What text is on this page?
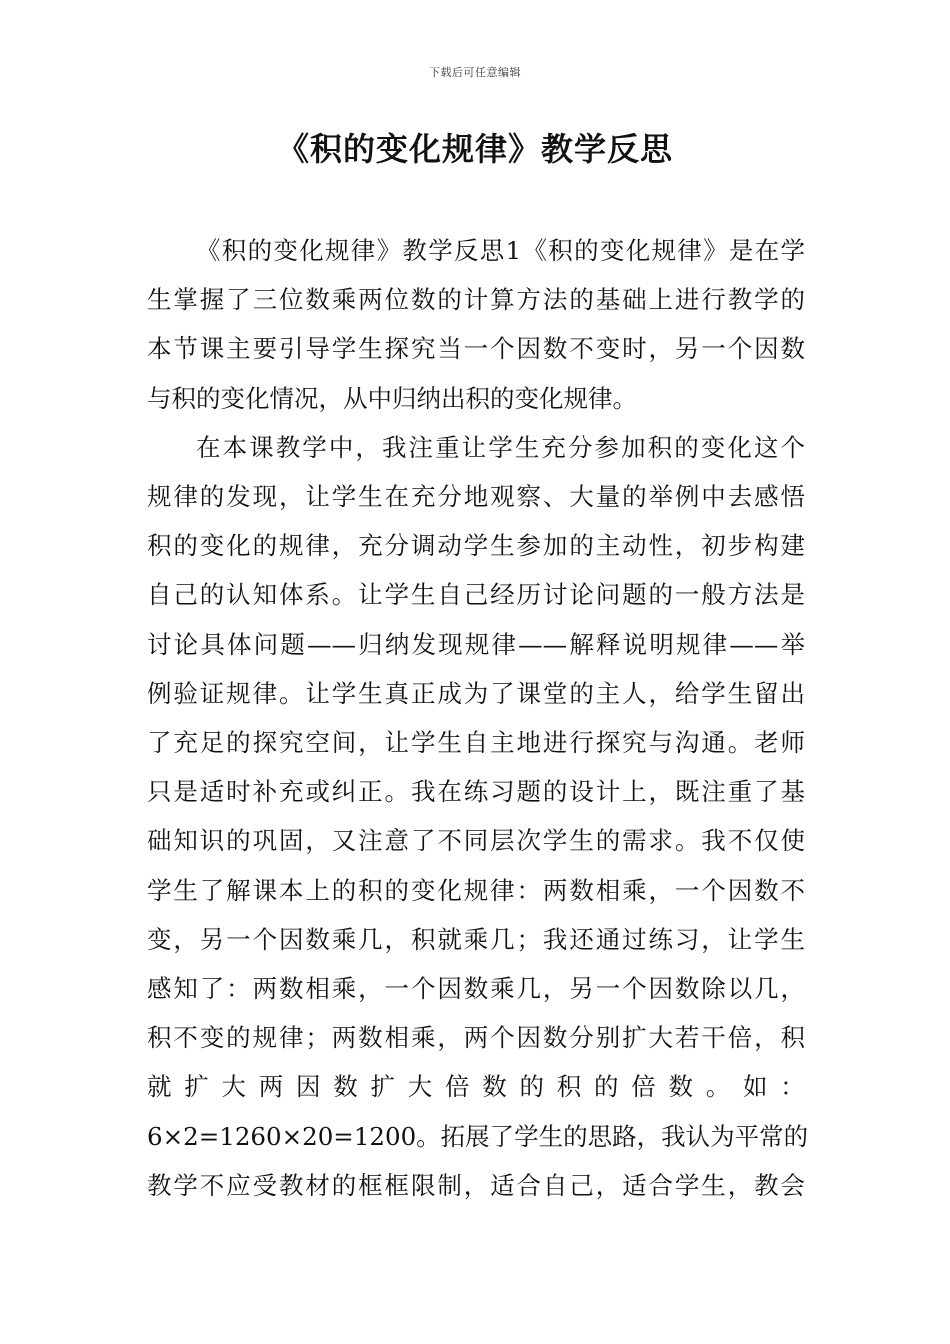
下载后可任意编辑
《积的变化规律》教学反思
《积的变化规律》教学反思1《积的变化规律》是在学
生掌握了三位数乘两位数的计算方法的基础上进行教学的
本节课主要引导学生探究当一个因数不变时，另一个因数
与积的变化情况，从中归纳出积的变化规律。
在本课教学中，我注重让学生充分参加积的变化这个
规律的发现，让学生在充分地观察、大量的举例中去感悟
积的变化的规律，充分调动学生参加的主动性，初步构建
自己的认知体系。让学生自己经历讨论问题的一般方法是
讨论具体问题——归纳发现规律——解释说明规律——举
例验证规律。让学生真正成为了课堂的主人，给学生留出
了充足的探究空间，让学生自主地进行探究与沟通。老师
只是适时补充或纠正。我在练习题的设计上，既注重了基
础知识的巩固，又注意了不同层次学生的需求。我不仅使
学生了解课本上的积的变化规律：两数相乘，一个因数不
变，另一个因数乘几，积就乘几；我还通过练习，让学生
感知了：两数相乘，一个因数乘几，另一个因数除以几，
积不变的规律；两数相乘，两个因数分别扩大若干倍，积
就 扩 大 两 因 数 扩 大 倍 数 的 积 的 倍 数 。 如 ：
6×2=1260×20=1200。拓展了学生的思路，我认为平常的
教学不应受教材的框框限制，适合自己，适合学生，教会
